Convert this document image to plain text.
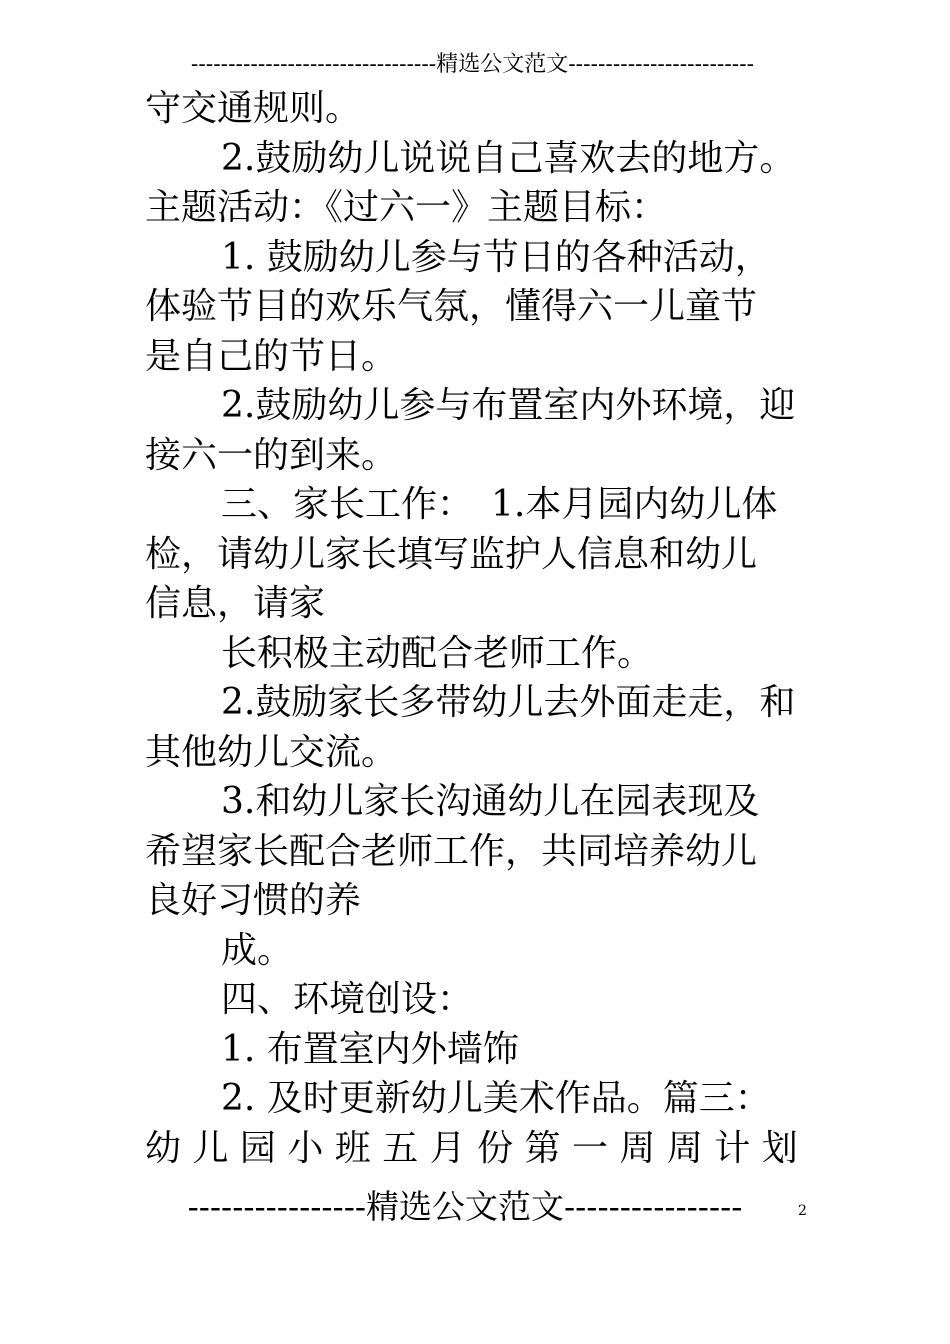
---------------------------------精选公文范文-------------------------
守交通规则。
2.鼓励幼儿说说自己喜欢去的地方。
主题活动：《过六一》主题目标：
1. 鼓励幼儿参与节日的各种活动，
体验节目的欢乐气氛，懂得六一儿童节
是自己的节日。
2.鼓励幼儿参与布置室内外环境，迎
接六一的到来。
三、家长工作：　1.本月园内幼儿体
检，请幼儿家长填写监护人信息和幼儿
信息，请家
长积极主动配合老师工作。
2.鼓励家长多带幼儿去外面走走，和
其他幼儿交流。
3.和幼儿家长沟通幼儿在园表现及
希望家长配合老师工作，共同培养幼儿
良好习惯的养
成。
四、环境创设：
1. 布置室内外墙饰
2. 及时更新幼儿美术作品。篇三：
幼 儿 园 小 班 五 月 份 第 一 周 周 计 划
----------------精选公文范文----------------	2
